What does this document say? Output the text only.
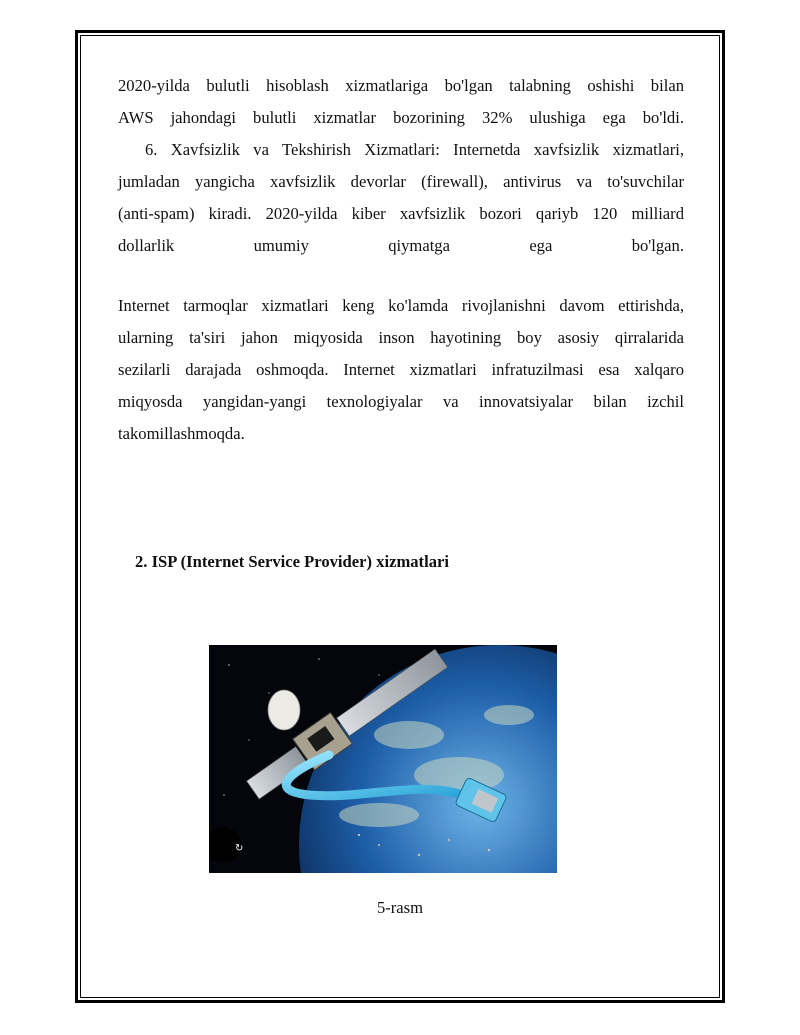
2020-yilda bulutli hisoblash xizmatlariga bo'lgan talabning oshishi bilan
AWS jahondagi bulutli xizmatlar bozorining 32% ulushiga ega bo'ldi.
6. Xavfsizlik va Tekshirish Xizmatlari: Internetda xavfsizlik xizmatlari,
jumladan yangicha xavfsizlik devorlar (firewall), antivirus va to'suvchilar
(anti-spam) kiradi. 2020-yilda kiber xavfsizlik bozori qariyb 120 milliard
dollarlik umumiy qiymatga ega bo'lgan.
Internet tarmoqlar xizmatlari keng ko'lamda rivojlanishni davom ettirishda,
ularning ta'siri jahon miqyosida inson hayotining boy asosiy qirralarida
sezilarli darajada oshmoqda. Internet xizmatlari infratuzilmasi esa xalqaro
miqyosda yangidan-yangi texnologiyalar va innovatsiyalar bilan izchil
takomillashmoqda.
2. ISP (Internet Service Provider) xizmatlari
↻
5-rasm
